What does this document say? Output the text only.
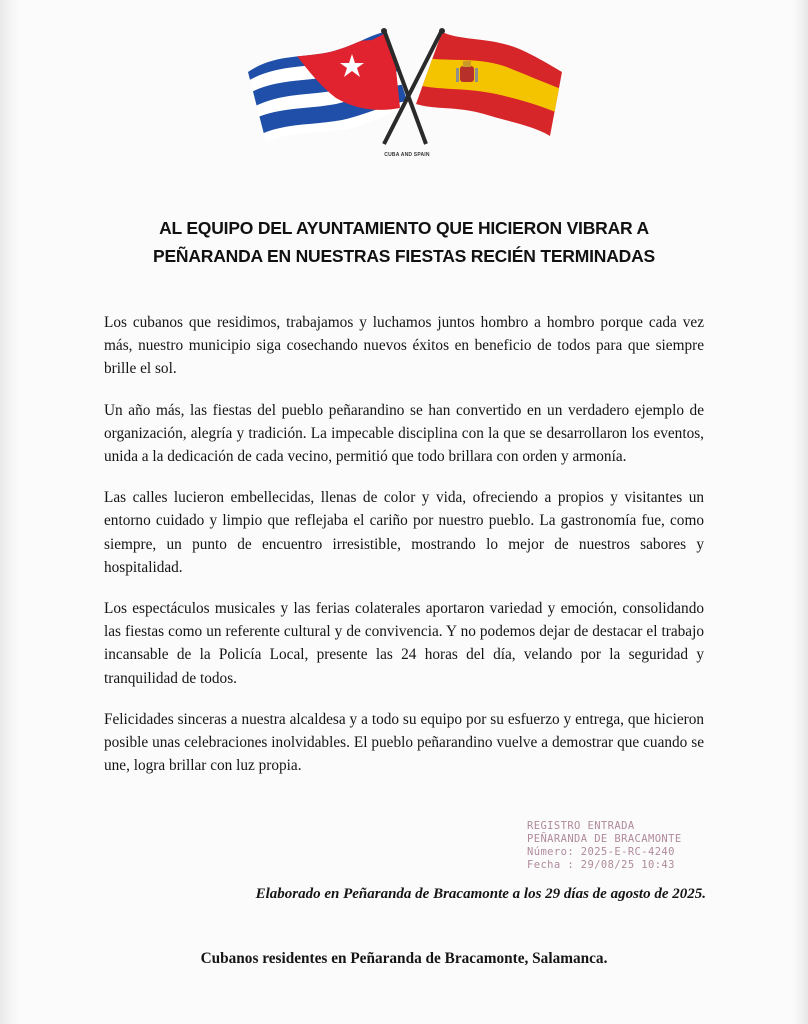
CUBA AND SPAIN
AL EQUIPO DEL AYUNTAMIENTO QUE HICIERON VIBRAR A
PEÑARANDA EN NUESTRAS FIESTAS RECIÉN TERMINADAS

Los cubanos que residimos, trabajamos y luchamos juntos hombro a hombro porque cada vez más, nuestro municipio siga cosechando nuevos éxitos en beneficio de todos para que siempre brille el sol.

Un año más, las fiestas del pueblo peñarandino se han convertido en un verdadero ejemplo de organización, alegría y tradición. La impecable disciplina con la que se desarrollaron los eventos, unida a la dedicación de cada vecino, permitió que todo brillara con orden y armonía.

Las calles lucieron embellecidas, llenas de color y vida, ofreciendo a propios y visitantes un entorno cuidado y limpio que reflejaba el cariño por nuestro pueblo. La gastronomía fue, como siempre, un punto de encuentro irresistible, mostrando lo mejor de nuestros sabores y hospitalidad.

Los espectáculos musicales y las ferias colaterales aportaron variedad y emoción, consolidando las fiestas como un referente cultural y de convivencia. Y no podemos dejar de destacar el trabajo incansable de la Policía Local, presente las 24 horas del día, velando por la seguridad y tranquilidad de todos.

Felicidades sinceras a nuestra alcaldesa y a todo su equipo por su esfuerzo y entrega, que hicieron posible unas celebraciones inolvidables. El pueblo peñarandino vuelve a demostrar que cuando se une, logra brillar con luz propia.

REGISTRO ENTRADA
PEÑARANDA DE BRACAMONTE
Número: 2025-E-RC-4240
Fecha : 29/08/25 10:43
Elaborado en Peñaranda de Bracamonte a los 29 días de agosto de 2025.
Cubanos residentes en Peñaranda de Bracamonte, Salamanca.
